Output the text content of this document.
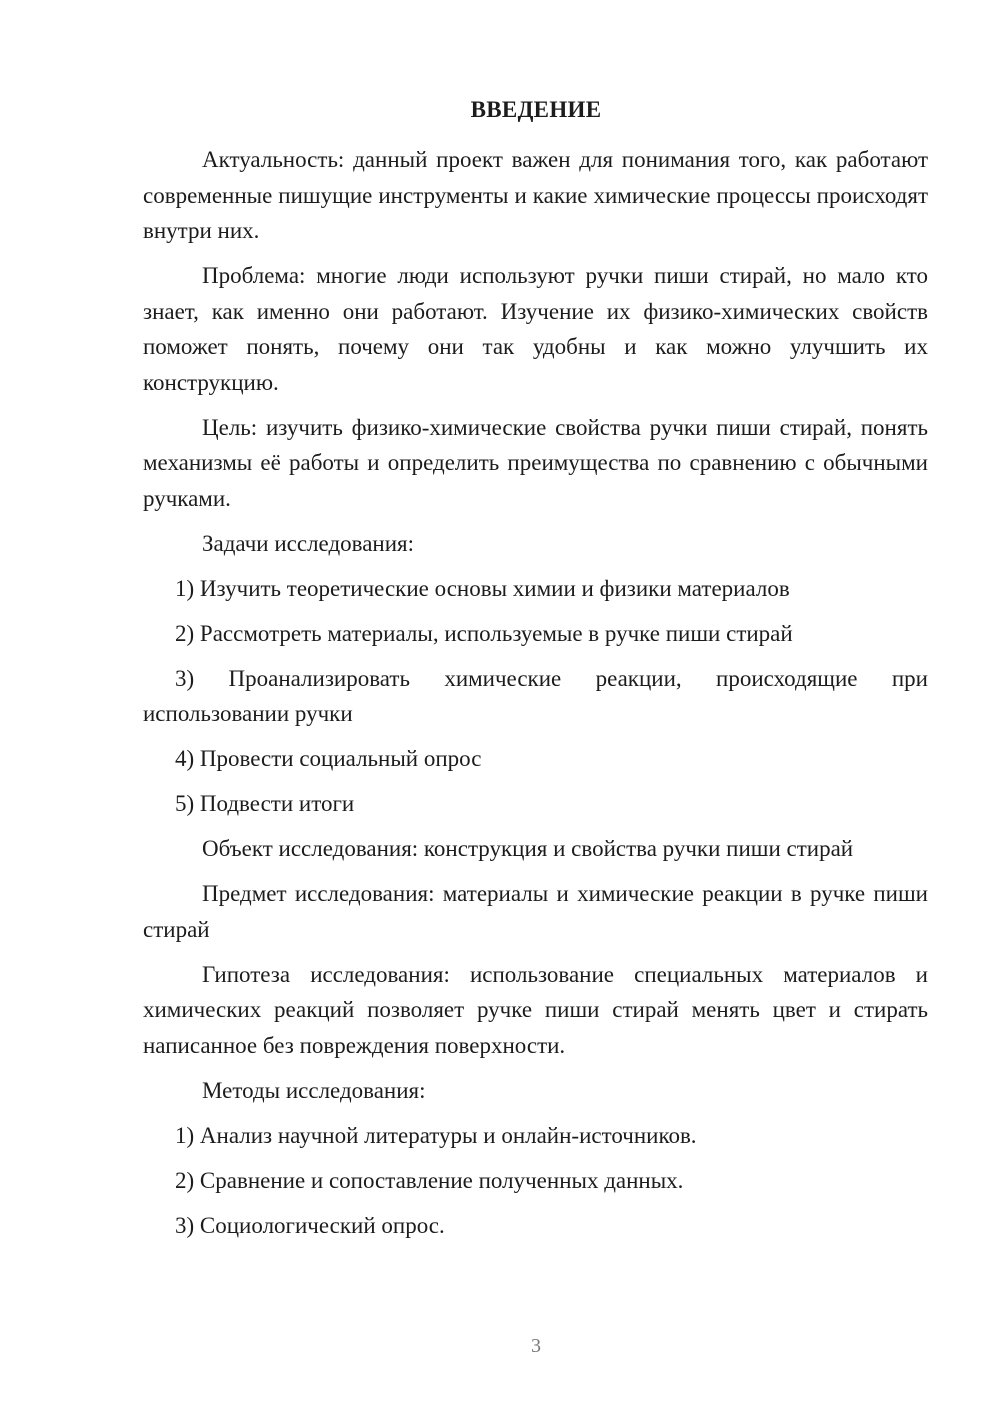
ВВЕДЕНИЕ

Актуальность: данный проект важен для понимания того, как работают современные пишущие инструменты и какие химические процессы происходят внутри них.

Проблема: многие люди используют ручки пиши стирай, но мало кто знает, как именно они работают. Изучение их физико-химических свойств поможет понять, почему они так удобны и как можно улучшить их конструкцию.

Цель: изучить физико-химические свойства ручки пиши стирай, понять механизмы её работы и определить преимущества по сравнению с обычными ручками.

Задачи исследования:

1) Изучить теоретические основы химии и физики материалов

2) Рассмотреть материалы, используемые в ручке пиши стирай

3) Проанализировать химические реакции, происходящие при использовании ручки

4) Провести социальный опрос

5) Подвести итоги

Объект исследования: конструкция и свойства ручки пиши стирай

Предмет исследования: материалы и химические реакции в ручке пиши стирай

Гипотеза исследования: использование специальных материалов и химических реакций позволяет ручке пиши стирай менять цвет и стирать написанное без повреждения поверхности.

Методы исследования:

1) Анализ научной литературы и онлайн-источников.

2) Сравнение и сопоставление полученных данных.

3) Социологический опрос.

3
